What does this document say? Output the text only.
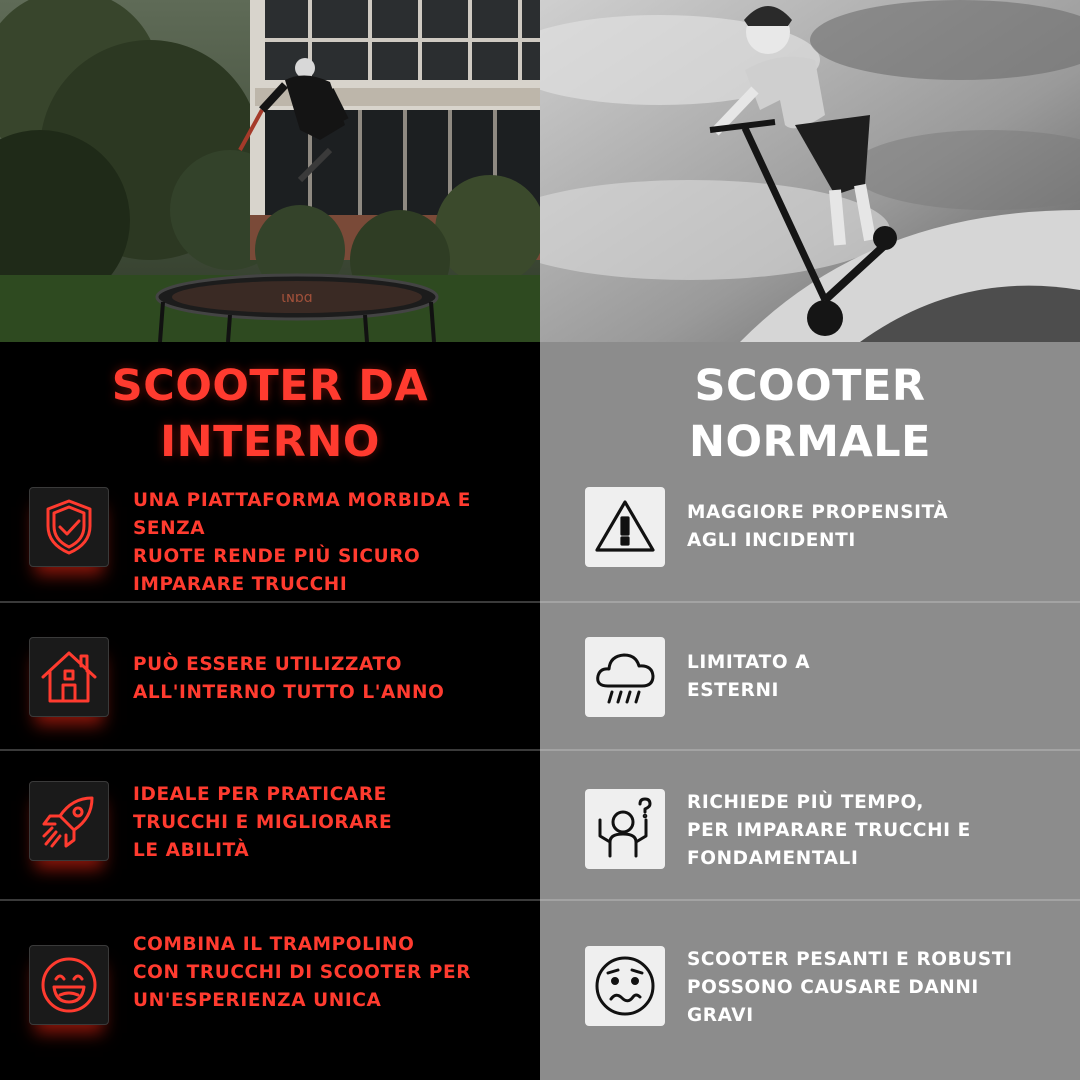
ιɴɒɑ
SCOOTER DA
INTERNO
UNA PIATTAFORMA MORBIDA E SENZA
RUOTE RENDE PIÙ SICURO
IMPARARE TRUCCHI
PUÒ ESSERE UTILIZZATO
ALL'INTERNO TUTTO L'ANNO
IDEALE PER PRATICARE
TRUCCHI E MIGLIORARE
LE ABILITÀ
COMBINA IL TRAMPOLINO
CON TRUCCHI DI SCOOTER PER
UN'ESPERIENZA UNICA
SCOOTER
NORMALE
MAGGIORE PROPENSITÀ
AGLI INCIDENTI
LIMITATO A
ESTERNI
RICHIEDE PIÙ TEMPO,
PER IMPARARE TRUCCHI E
FONDAMENTALI
SCOOTER PESANTI E ROBUSTI
POSSONO CAUSARE DANNI
GRAVI
